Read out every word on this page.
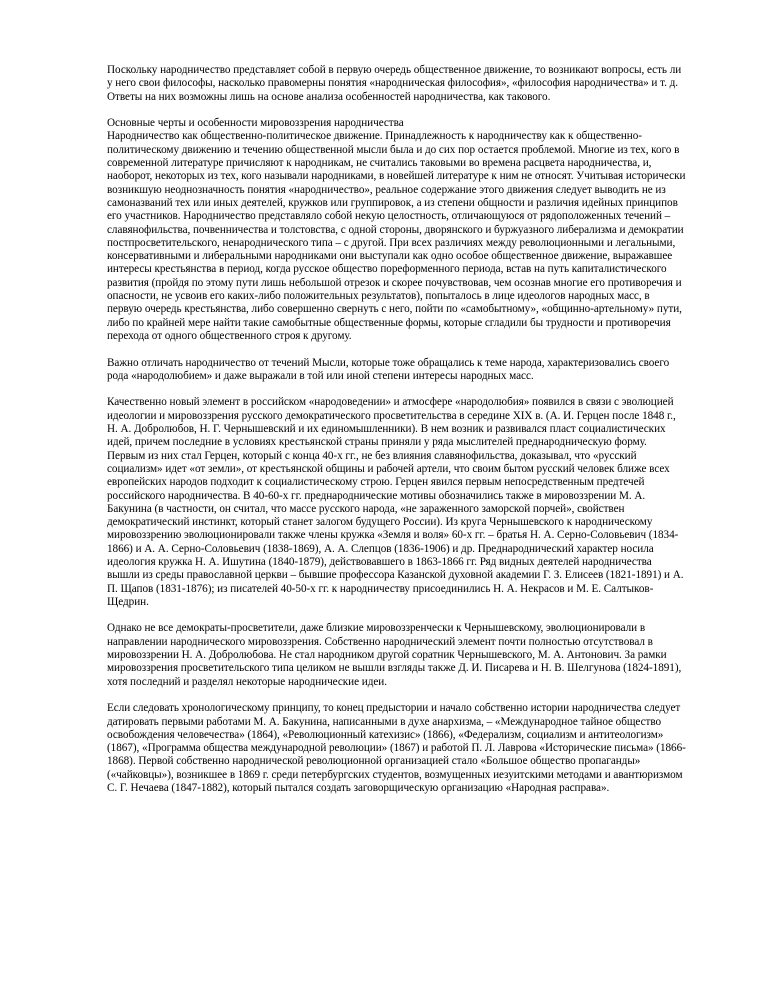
Поскольку народничество представляет собой в первую очередь общественное движение, то возникают вопросы, есть ли у него свои философы, насколько правомерны понятия «народническая философия», «философия народничества» и т. д. Ответы на них возможны лишь на основе анализа особенностей народничества, как такового.

Основные черты и особенности мировоззрения народничества

Народничество как общественно-политическое движение. Принадлежность к народничеству как к общественно-политическому движению и течению общественной мысли была и до сих пор остается проблемой. Многие из тех, кого в современной литературе причисляют к народникам, не считались таковыми во времена расцвета народничества, и, наоборот, некоторых из тех, кого называли народниками, в новейшей литературе к ним не относят. Учитывая исторически возникшую неоднозначность понятия «народничество», реальное содержание этого движения следует выводить не из самоназваний тех или иных деятелей, кружков или группировок, а из степени общности и различия идейных принципов его участников. Народничество представляло собой некую целостность, отличающуюся от рядоположенных течений – славянофильства, почвенничества и толстовства, с одной стороны, дворянского и буржуазного либерализма и демократии постпросветительского, ненароднического типа – с другой. При всех различиях между революционными и легальными, консервативными и либеральными народниками они выступали как одно особое общественное движение, выражавшее интересы крестьянства в период, когда русское общество пореформенного периода, встав на путь капиталистического развития (пройдя по этому пути лишь небольшой отрезок и скорее почувствовав, чем осознав многие его противоречия и опасности, не усвоив его каких-либо положительных результатов), попыталось в лице идеологов народных масс, в первую очередь крестьянства, либо совершенно свернуть с него, пойти по «самобытному», «общинно-артельному» пути, либо по крайней мере найти такие самобытные общественные формы, которые сгладили бы трудности и противоречия перехода от одного общественного строя к другому.

Важно отличать народничество от течений Мысли, которые тоже обращались к теме народа, характеризовались своего рода «народолюбием» и даже выражали в той или иной степени интересы народных масс.

Качественно новый элемент в российском «народоведении» и атмосфере «народолюбия» появился в связи с эволюцией идеологии и мировоззрения русского демократического просветительства в середине XIX в. (А. И. Герцен после 1848 г., Н. А. Добролюбов, Н. Г. Чернышевский и их единомышленники). В нем возник и развивался пласт социалистических идей, причем последние в условиях крестьянской страны приняли у ряда мыслителей преднародническую форму. Первым из них стал Герцен, который с конца 40-х гг., не без влияния славянофильства, доказывал, что «русский социализм» идет «от земли», от крестьянской общины и рабочей артели, что своим бытом русский человек ближе всех европейских народов подходит к социалистическому строю. Герцен явился первым непосредственным предтечей российского народничества. В 40-60-х гг. преднароднические мотивы обозначились также в мировоззрении М. А. Бакунина (в частности, он считал, что массе русского народа, «не зараженного заморской порчей», свойствен демократический инстинкт, который станет залогом будущего России). Из круга Чернышевского к народническому мировоззрению эволюционировали также члены кружка «Земля и воля» 60-х гг. – братья Н. А. Серно-Соловьевич (1834- 1866) и А. А. Серно-Соловьевич (1838-1869), А. А. Слепцов (1836-1906) и др. Преднароднический характер носила идеология кружка Н. А. Ишутина (1840-1879), действовавшего в 1863-1866 гг. Ряд видных деятелей народничества вышли из среды православной церкви – бывшие профессора Казанской духовной академии Г. З. Елисеев (1821-1891) и А. П. Щапов (1831-1876); из писателей 40-50-х гг. к народничеству присоединились Н. А. Некрасов и М. Е. Салтыков-Щедрин.

Однако не все демократы-просветители, даже близкие мировоззренчески к Чернышевскому, эволюционировали в направлении народнического мировоззрения. Собственно народнический элемент почти полностью отсутствовал в мировоззрении Н. А. Добролюбова. Не стал народником другой соратник Чернышевского, М. А. Антонович. За рамки мировоззрения просветительского типа целиком не вышли взгляды также Д. И. Писарева и Н. В. Шелгунова (1824-1891), хотя последний и разделял некоторые народнические идеи.

Если следовать хронологическому принципу, то конец предыстории и начало собственно истории народничества следует датировать первыми работами М. А. Бакунина, написанными в духе анархизма, – «Международное тайное общество освобождения человечества» (1864), «Революционный катехизис» (1866), «Федерализм, социализм и антитеологизм» (1867), «Программа общества международной революции» (1867) и работой П. Л. Лаврова «Исторические письма» (1866- 1868). Первой собственно народнической революционной организацией стало «Большое общество пропаганды» («чайковцы»), возникшее в 1869 г. среди петербургских студентов, возмущенных иезуитскими методами и авантюризмом С. Г. Нечаева (1847-1882), который пытался создать заговорщическую организацию «Народная расправа».
